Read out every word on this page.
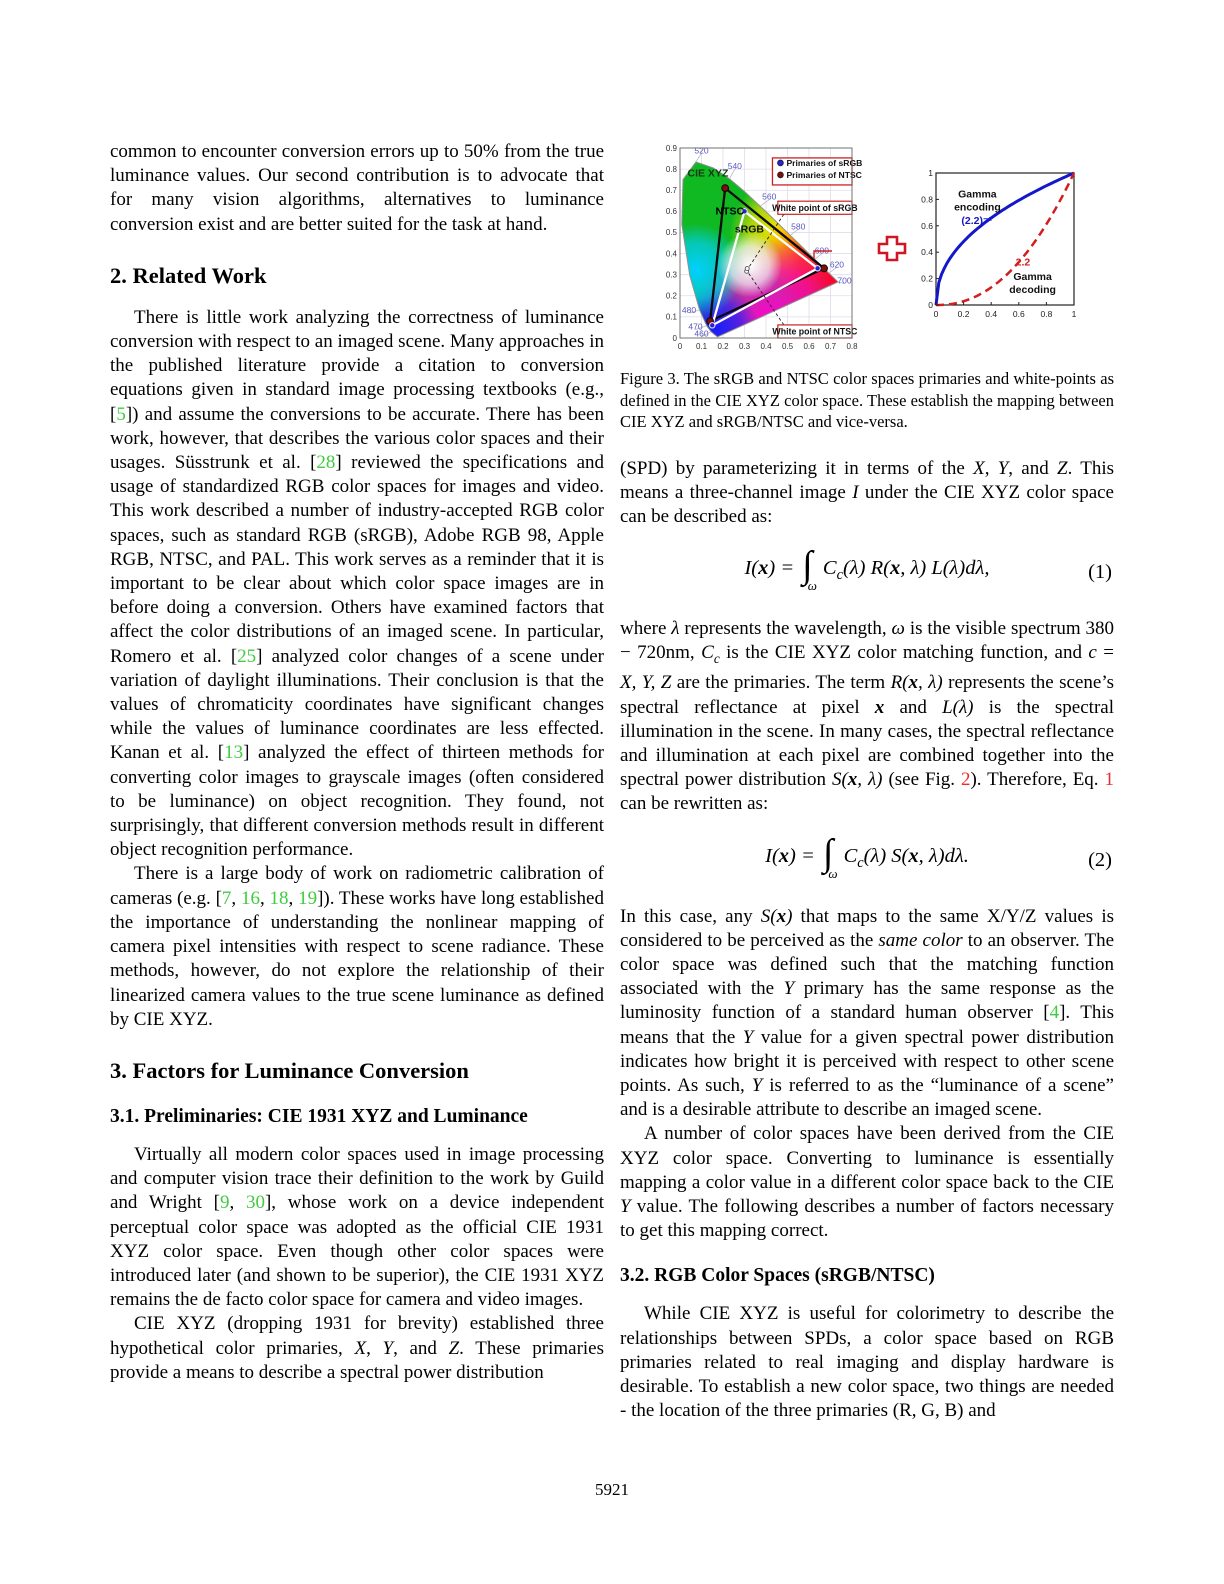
common to encounter conversion errors up to 50% from the true luminance values. Our second contribution is to advocate that for many vision algorithms, alternatives to luminance conversion exist and are better suited for the task at hand.

2. Related Work

There is little work analyzing the correctness of luminance conversion with respect to an imaged scene. Many approaches in the published literature provide a citation to conversion equations given in standard image processing textbooks (e.g., [5]) and assume the conversions to be accurate. There has been work, however, that describes the various color spaces and their usages. Süsstrunk et al. [28] reviewed the specifications and usage of standardized RGB color spaces for images and video. This work described a number of industry-accepted RGB color spaces, such as standard RGB (sRGB), Adobe RGB 98, Apple RGB, NTSC, and PAL. This work serves as a reminder that it is important to be clear about which color space images are in before doing a conversion. Others have examined factors that affect the color distributions of an imaged scene. In particular, Romero et al. [25] analyzed color changes of a scene under variation of daylight illuminations. Their conclusion is that the values of chromaticity coordinates have significant changes while the values of luminance coordinates are less effected. Kanan et al. [13] analyzed the effect of thirteen methods for converting color images to grayscale images (often considered to be luminance) on object recognition. They found, not surprisingly, that different conversion methods result in different object recognition performance.

There is a large body of work on radiometric calibration of cameras (e.g. [7, 16, 18, 19]). These works have long established the importance of understanding the nonlinear mapping of camera pixel intensities with respect to scene radiance. These methods, however, do not explore the relationship of their linearized camera values to the true scene luminance as defined by CIE XYZ.

3. Factors for Luminance Conversion
3.1. Preliminaries: CIE 1931 XYZ and Luminance

Virtually all modern color spaces used in image processing and computer vision trace their definition to the work by Guild and Wright [9, 30], whose work on a device independent perceptual color space was adopted as the official CIE 1931 XYZ color space. Even though other color spaces were introduced later (and shown to be superior), the CIE 1931 XYZ remains the de facto color space for camera and video images.

CIE XYZ (dropping 1931 for brevity) established three hypothetical color primaries, X, Y, and Z. These primaries provide a means to describe a spectral power distribution

520
540
560
580
600
620
700
480
470
460
CIE XYZ
NTSC
sRGB
White point of sRGB
White point of NTSC
Primaries of sRGB
Primaries of NTSC
0 0.1 0.2 0.3 0.4 0.5 0.6 0.7 0.8
0
0.1
0.2
0.3
0.4
0.5
0.6
0.7
0.8
0.9
Gamma
encoding
(2.2)⁻¹
2.2
Gamma
decoding
0 0.2 0.4 0.6 0.8 1
0
0.2
0.4
0.6
0.8
1
Figure 3. The sRGB and NTSC color spaces primaries and white-points as defined in the CIE XYZ color space. These establish the mapping between CIE XYZ and sRGB/NTSC and vice-versa.

(SPD) by parameterizing it in terms of the X, Y, and Z. This means a three-channel image I under the CIE XYZ color space can be described as:

$I(x) = \int_\omega C_c(\lambda)$ R(x, λ) L(λ)dλ,	(1)

where λ represents the wavelength, ω is the visible spectrum 380 − 720nm, $C_c$ is the CIE XYZ color matching function, and c = X, Y, Z are the primaries. The term R(x, λ) represents the scene’s spectral reflectance at pixel x and L(λ) is the spectral illumination in the scene. In many cases, the spectral reflectance and illumination at each pixel are combined together into the spectral power distribution S(x, λ) (see Fig. 2). Therefore, Eq. 1 can be rewritten as:

$I(x) = \int_\omega C_c(\lambda)$ S(x, λ)dλ.	(2)

In this case, any S(x) that maps to the same X/Y/Z values is considered to be perceived as the same color to an observer. The color space was defined such that the matching function associated with the Y primary has the same response as the luminosity function of a standard human observer [4]. This means that the Y value for a given spectral power distribution indicates how bright it is perceived with respect to other scene points. As such, Y is referred to as the “luminance of a scene” and is a desirable attribute to describe an imaged scene.

A number of color spaces have been derived from the CIE XYZ color space. Converting to luminance is essentially mapping a color value in a different color space back to the CIE Y value. The following describes a number of factors necessary to get this mapping correct.

3.2. RGB Color Spaces (sRGB/NTSC)

While CIE XYZ is useful for colorimetry to describe the relationships between SPDs, a color space based on RGB primaries related to real imaging and display hardware is desirable. To establish a new color space, two things are needed - the location of the three primaries (R, G, B) and

5921
